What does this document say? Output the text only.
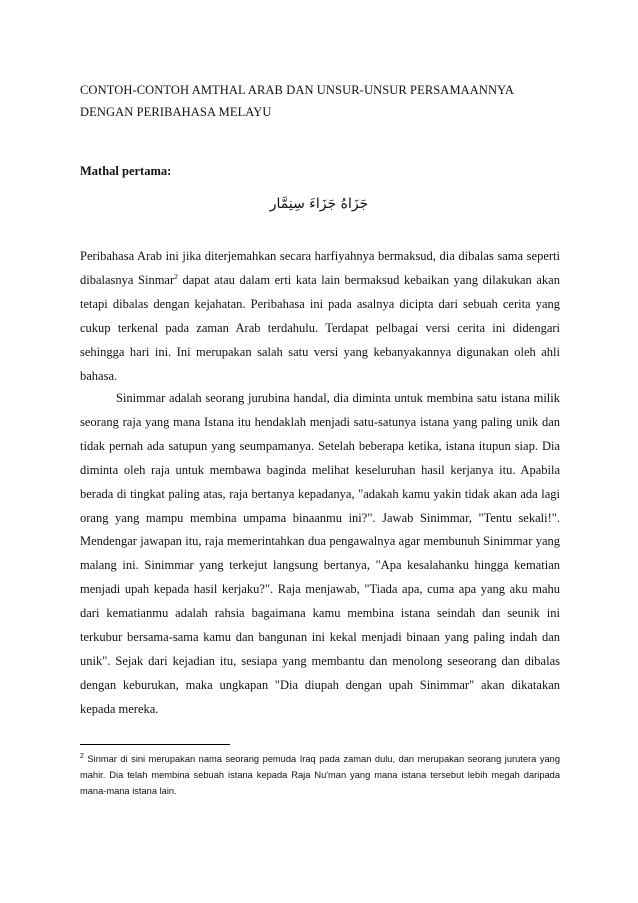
CONTOH-CONTOH AMTHAL ARAB DAN UNSUR-UNSUR PERSAMAANNYA DENGAN PERIBAHASA MELAYU
Mathal pertama:
جَزَاهُ جَزَاءَ سِنِمَّار
Peribahasa Arab ini jika diterjemahkan secara harfiyahnya bermaksud, dia dibalas sama seperti dibalasnya Sinmar$^2$ dapat atau dalam erti kata lain bermaksud kebaikan yang dilakukan akan tetapi dibalas dengan kejahatan. Peribahasa ini pada asalnya dicipta dari sebuah cerita yang cukup terkenal pada zaman Arab terdahulu. Terdapat pelbagai versi cerita ini didengari sehingga hari ini. Ini merupakan salah satu versi yang kebanyakannya digunakan oleh ahli bahasa.
Sinimmar adalah seorang jurubina handal, dia diminta untuk membina satu istana milik seorang raja yang mana Istana itu hendaklah menjadi satu-satunya istana yang paling unik dan tidak pernah ada satupun yang seumpamanya. Setelah beberapa ketika, istana itupun siap. Dia diminta oleh raja untuk membawa baginda melihat keseluruhan hasil kerjanya itu. Apabila berada di tingkat paling atas, raja bertanya kepadanya, "adakah kamu yakin tidak akan ada lagi orang yang mampu membina umpama binaanmu ini?". Jawab Sinimmar, "Tentu sekali!". Mendengar jawapan itu, raja memerintahkan dua pengawalnya agar membunuh Sinimmar yang malang ini. Sinimmar yang terkejut langsung bertanya, "Apa kesalahanku hingga kematian menjadi upah kepada hasil kerjaku?". Raja menjawab, "Tiada apa, cuma apa yang aku mahu dari kematianmu adalah rahsia bagaimana kamu membina istana seindah dan seunik ini terkubur bersama-sama kamu dan bangunan ini kekal menjadi binaan yang paling indah dan unik". Sejak dari kejadian itu, sesiapa yang membantu dan menolong seseorang dan dibalas dengan keburukan, maka ungkapan "Dia diupah dengan upah Sinimmar" akan dikatakan kepada mereka.
$^2$ Sinmar di sini merupakan nama seorang pemuda Iraq pada zaman dulu, dan merupakan seorang jurutera yang mahir. Dia telah membina sebuah istana kepada Raja Nu'man yang mana istana tersebut lebih megah daripada mana-mana istana lain.
